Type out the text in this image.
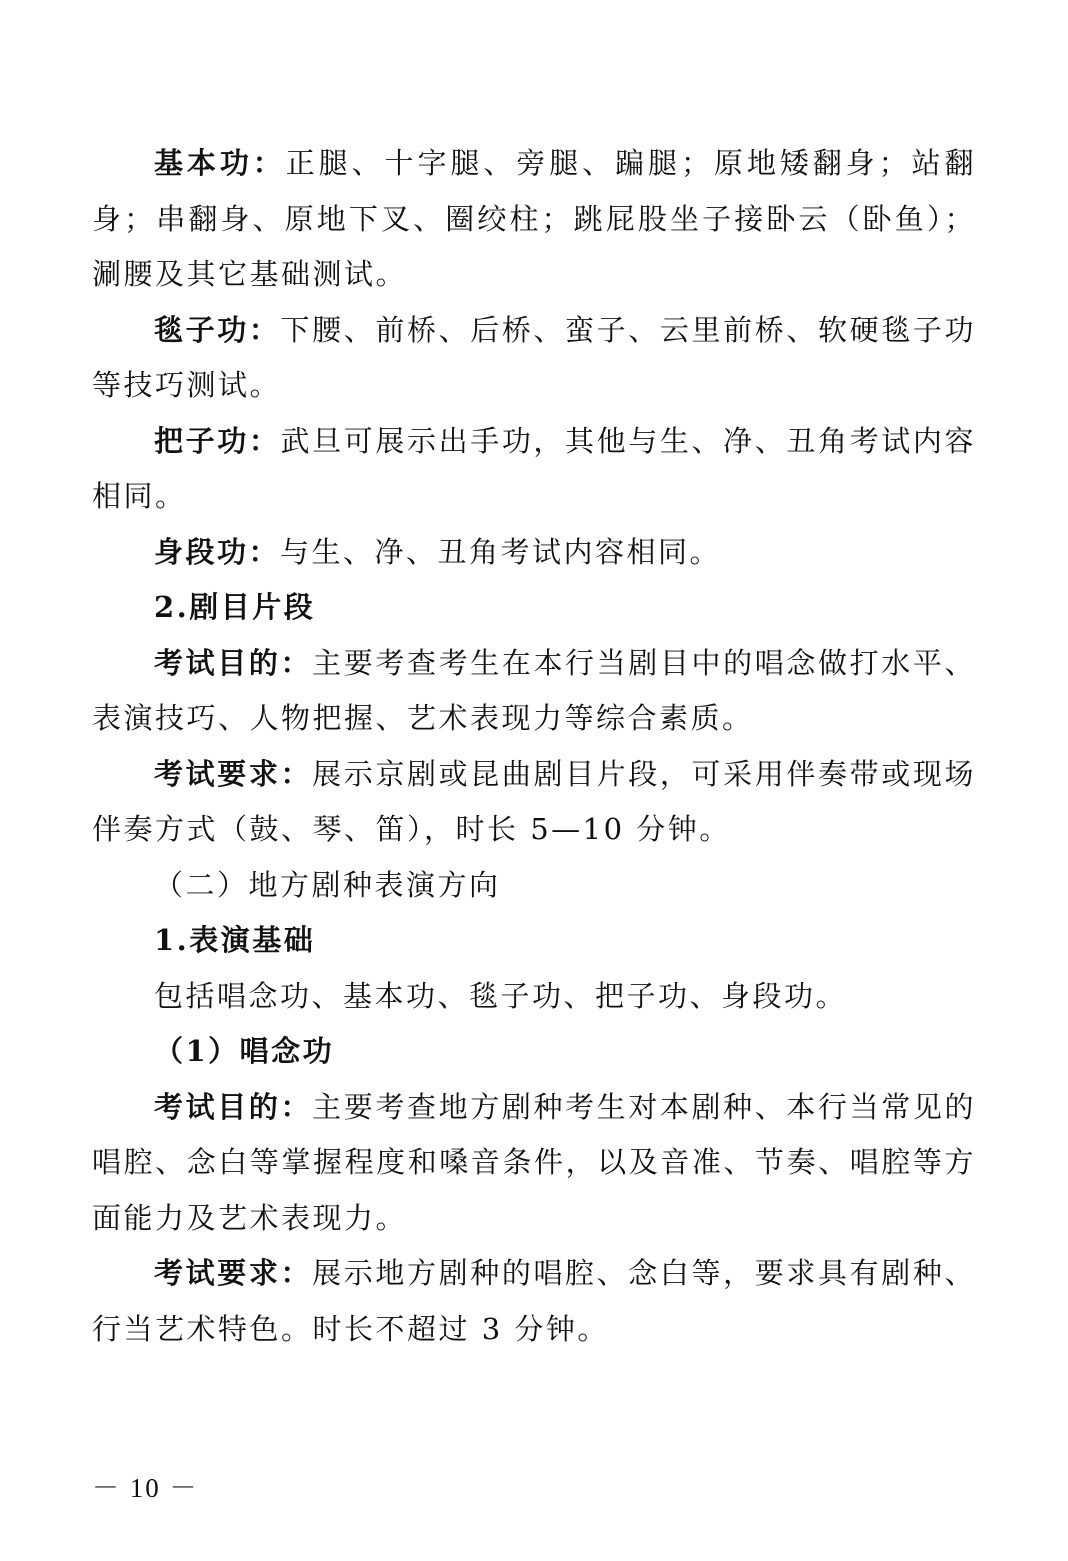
基本功：正腿、十字腿、旁腿、蹁腿；原地矮翻身；站翻身；串翻身、原地下叉、圈绞柱；跳屁股坐子接卧云（卧鱼）；涮腰及其它基础测试。

毯子功：下腰、前桥、后桥、蛮子、云里前桥、软硬毯子功等技巧测试。

把子功：武旦可展示出手功，其他与生、净、丑角考试内容相同。

身段功：与生、净、丑角考试内容相同。

2.剧目片段

考试目的：主要考查考生在本行当剧目中的唱念做打水平、表演技巧、人物把握、艺术表现力等综合素质。

考试要求：展示京剧或昆曲剧目片段，可采用伴奏带或现场伴奏方式（鼓、琴、笛），时长 5—10 分钟。

（二）地方剧种表演方向

1.表演基础

包括唱念功、基本功、毯子功、把子功、身段功。

（1）唱念功

考试目的：主要考查地方剧种考生对本剧种、本行当常见的唱腔、念白等掌握程度和嗓音条件，以及音准、节奏、唱腔等方面能力及艺术表现力。

考试要求：展示地方剧种的唱腔、念白等，要求具有剧种、行当艺术特色。时长不超过 3 分钟。

－ 10 －
